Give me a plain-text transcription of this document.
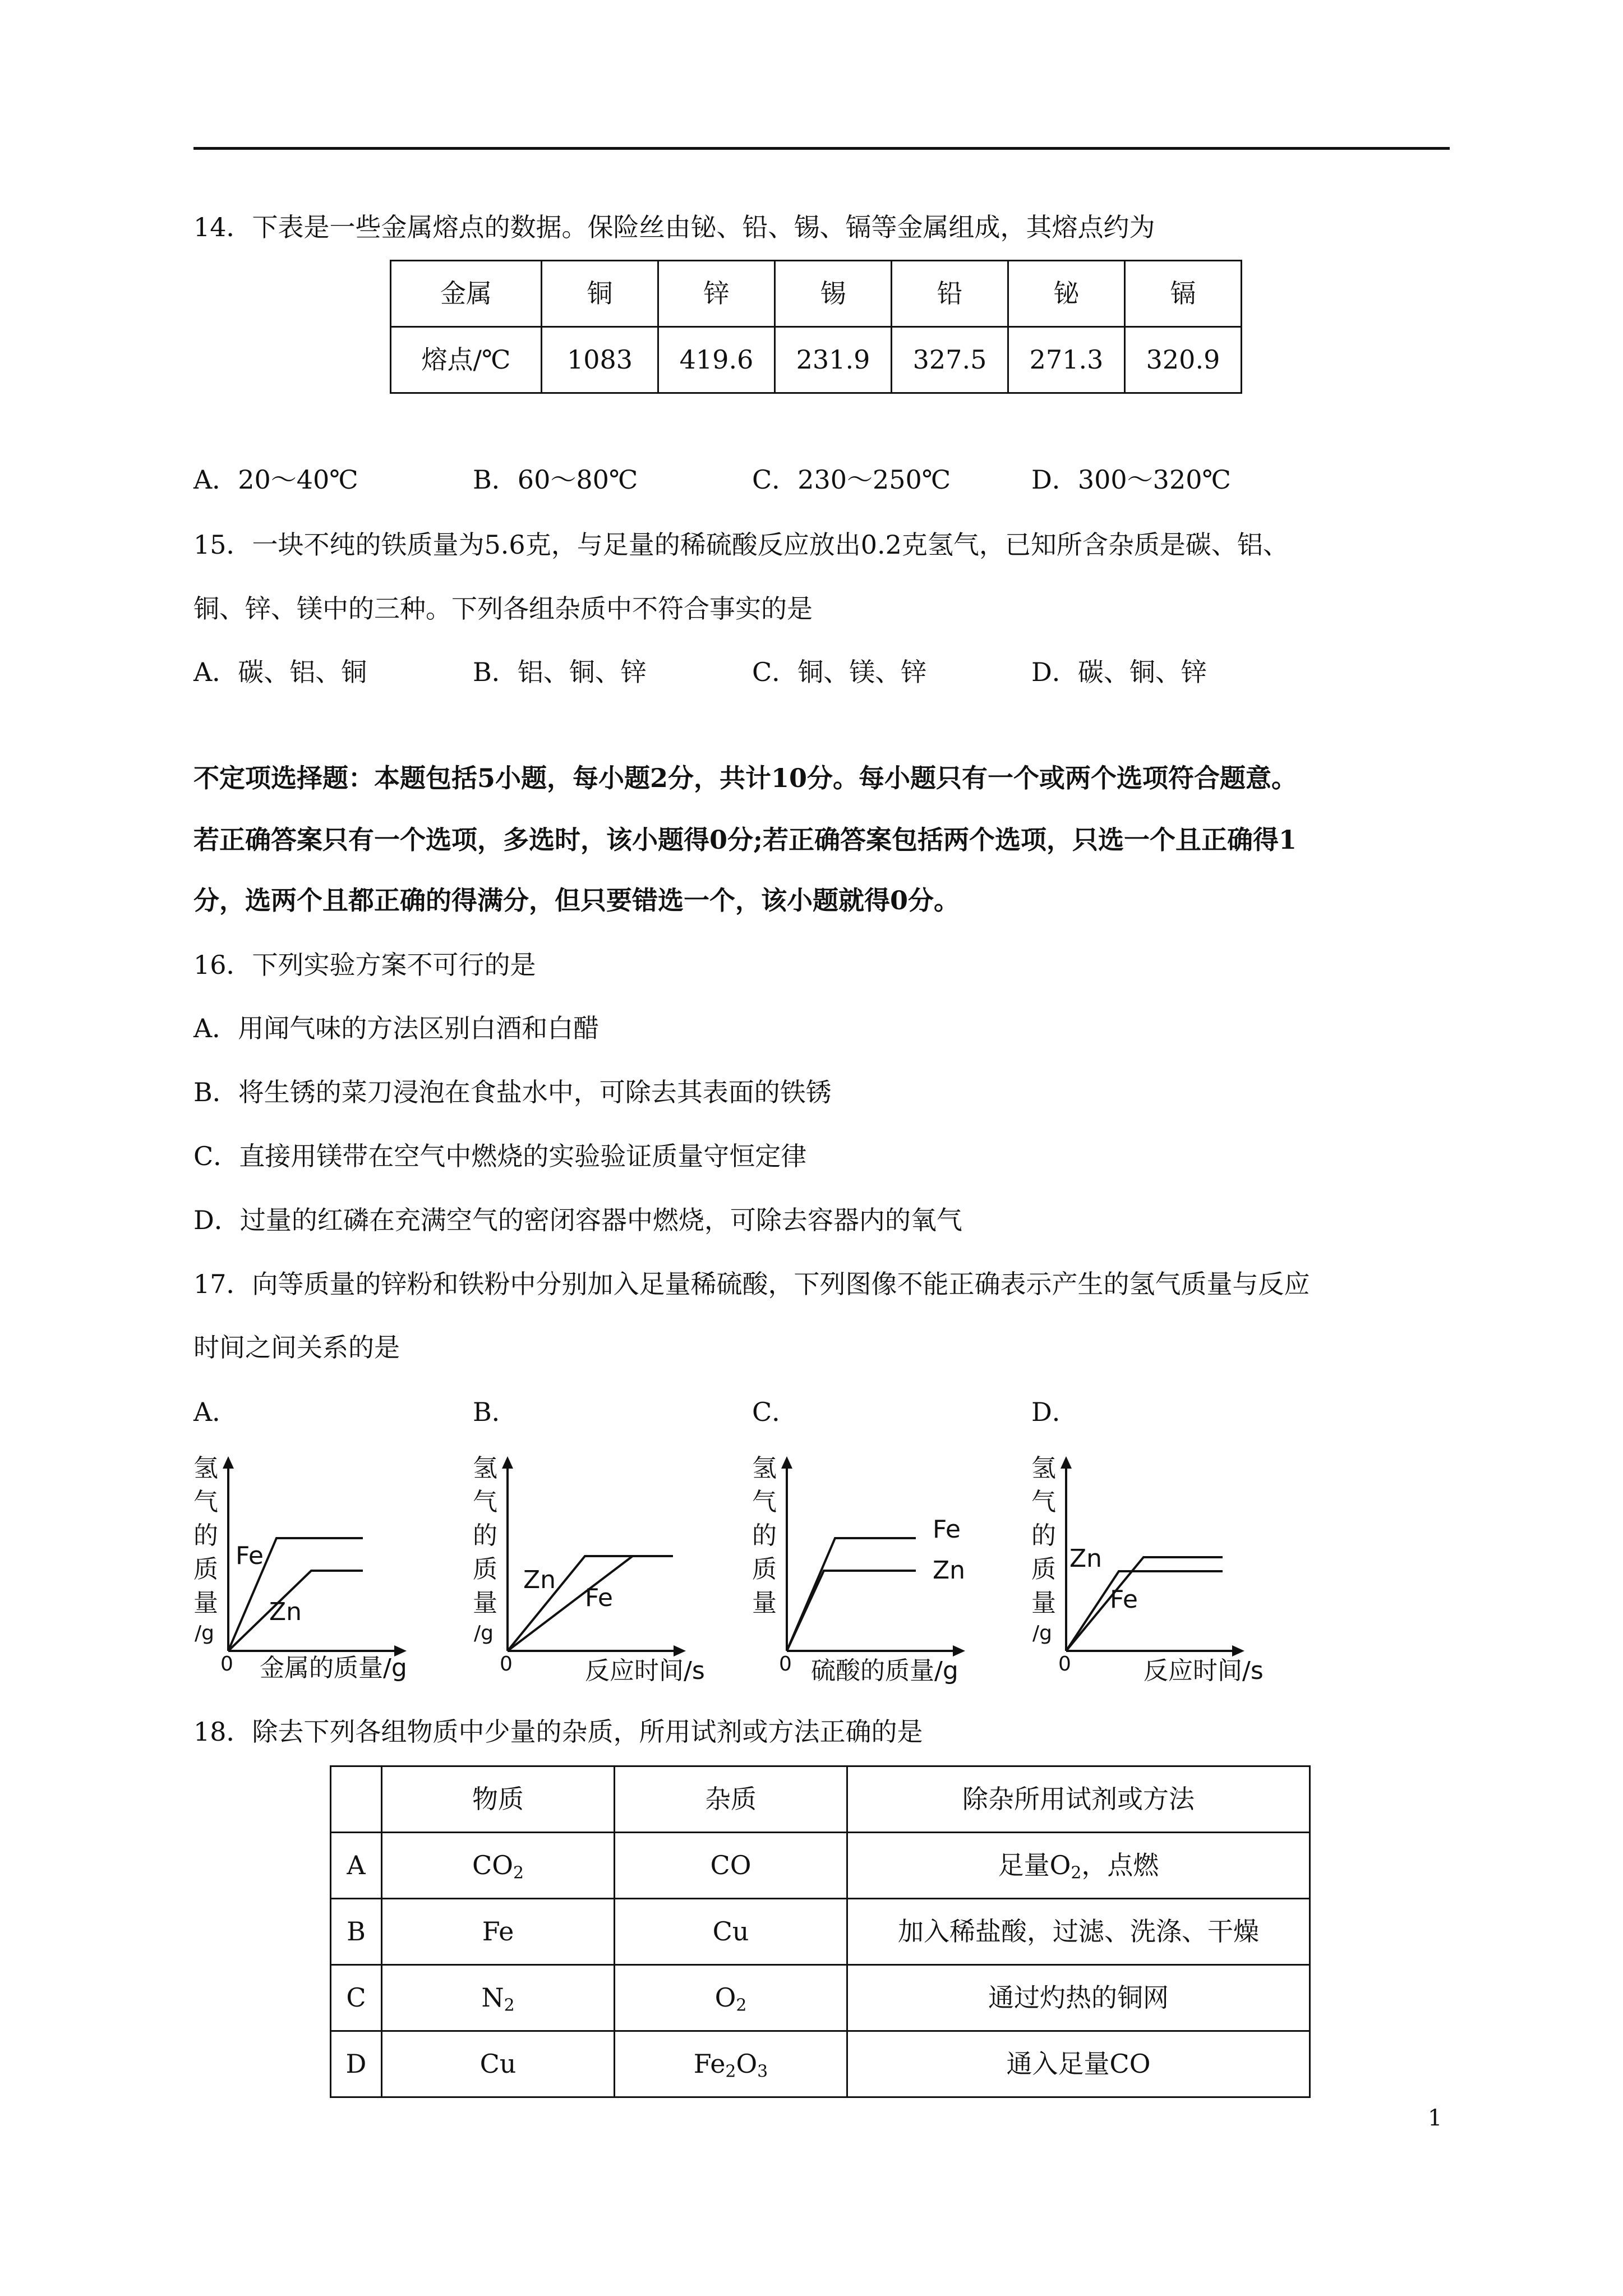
14．下表是一些金属熔点的数据。保险丝由铋、铅、锡、镉等金属组成，其熔点约为
金属	铜	锌	锡	铅	铋	镉
熔点/℃	1083	419.6	231.9	327.5	271.3	320.9
A．20～40℃	B．60～80℃	C．230～250℃	D．300～320℃
15．一块不纯的铁质量为5.6克，与足量的稀硫酸反应放出0.2克氢气，已知所含杂质是碳、铝、
铜、锌、镁中的三种。下列各组杂质中不符合事实的是
A．碳、铝、铜	B．铝、铜、锌	C．铜、镁、锌	D．碳、铜、锌
不定项选择题：本题包括5小题，每小题2分，共计10分。每小题只有一个或两个选项符合题意。
若正确答案只有一个选项，多选时，该小题得0分;若正确答案包括两个选项，只选一个且正确得1
分，选两个且都正确的得满分，但只要错选一个，该小题就得0分。
16．下列实验方案不可行的是
A．用闻气味的方法区别白酒和白醋
B．将生锈的菜刀浸泡在食盐水中，可除去其表面的铁锈
C．直接用镁带在空气中燃烧的实验验证质量守恒定律
D．过量的红磷在充满空气的密闭容器中燃烧，可除去容器内的氧气
17．向等质量的锌粉和铁粉中分别加入足量稀硫酸，下列图像不能正确表示产生的氢气质量与反应
时间之间关系的是
A．	B．	C．	D．
氢
气
的
质
量
/g
0
Fe
Zn
金属的质量/g
氢
气
的
质
量
/g
0
Zn
Fe
反应时间/s
氢
气
的
质
量
0
Fe
Zn
硫酸的质量/g
氢
气
的
质
量
/g
0
Zn
Fe
反应时间/s
18．除去下列各组物质中少量的杂质，所用试剂或方法正确的是
	物质	杂质	除杂所用试剂或方法
A	$CO_2$	CO	足量$O_2$，点燃
B	Fe	Cu	加入稀盐酸，过滤、洗涤、干燥
C	$N_2$	$O_2$	通过灼热的铜网
D	Cu	$Fe_2O_3$	通入足量CO
1
